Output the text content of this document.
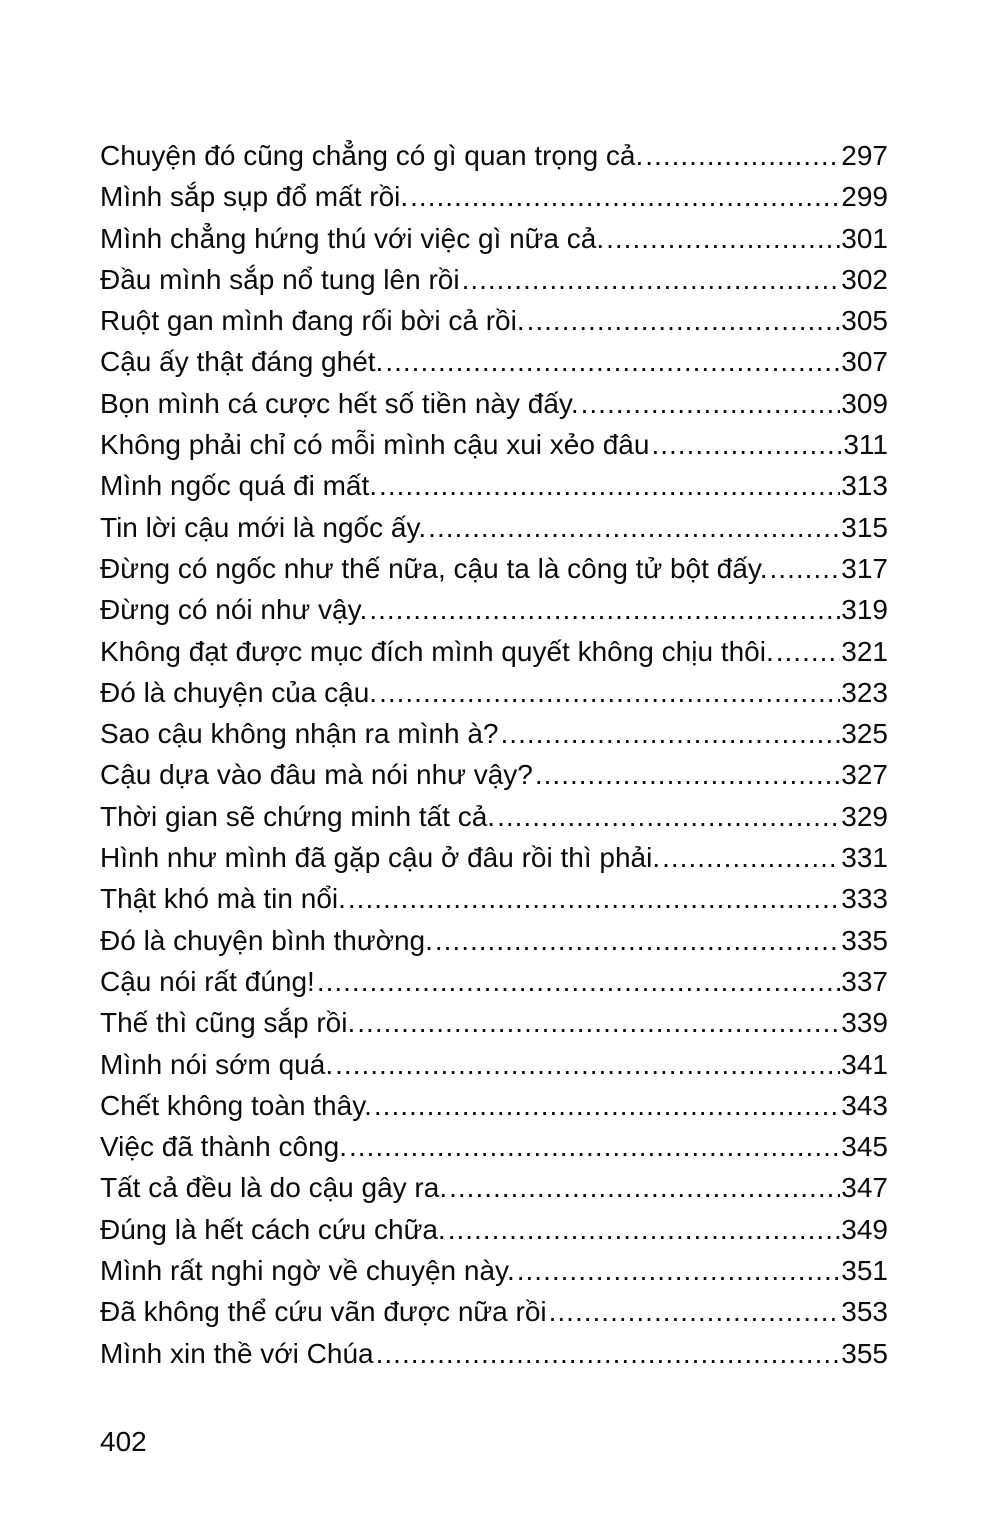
Chuyện đó cũng chẳng có gì quan trọng cả. .....	297
Mình sắp sụp đổ mất rồi. .....	299
Mình chẳng hứng thú với việc gì nữa cả. .....	301
Đầu mình sắp nổ tung lên rồi .....	302
Ruột gan mình đang rối bời cả rồi. .....	305
Cậu ấy thật đáng ghét. .....	307
Bọn mình cá cược hết số tiền này đấy. .....	309
Không phải chỉ có mỗi mình cậu xui xẻo đâu .....	311
Mình ngốc quá đi mất. .....	313
Tin lời cậu mới là ngốc ấy. .....	315
Đừng có ngốc như thế nữa, cậu ta là công tử bột đấy. .....	317
Đừng có nói như vậy. .....	319
Không đạt được mục đích mình quyết không chịu thôi. ..... 321
Đó là chuyện của cậu. .....	323
Sao cậu không nhận ra mình à? .....	325
Cậu dựa vào đâu mà nói như vậy? .....	327
Thời gian sẽ chứng minh tất cả. .....	329
Hình như mình đã gặp cậu ở đâu rồi thì phải. .....	331
Thật khó mà tin nổi. .....	333
Đó là chuyện bình thường. .....	335
Cậu nói rất đúng! .....	337
Thế thì cũng sắp rồi. .....	339
Mình nói sớm quá. .....	341
Chết không toàn thây. .....	343
Việc đã thành công. .....	345
Tất cả đều là do cậu gây ra. .....	347
Đúng là hết cách cứu chữa. .....	349
Mình rất nghi ngờ về chuyện này. .....	351
Đã không thể cứu vãn được nữa rồi .....	353
Mình xin thề với Chúa .....	355
402
